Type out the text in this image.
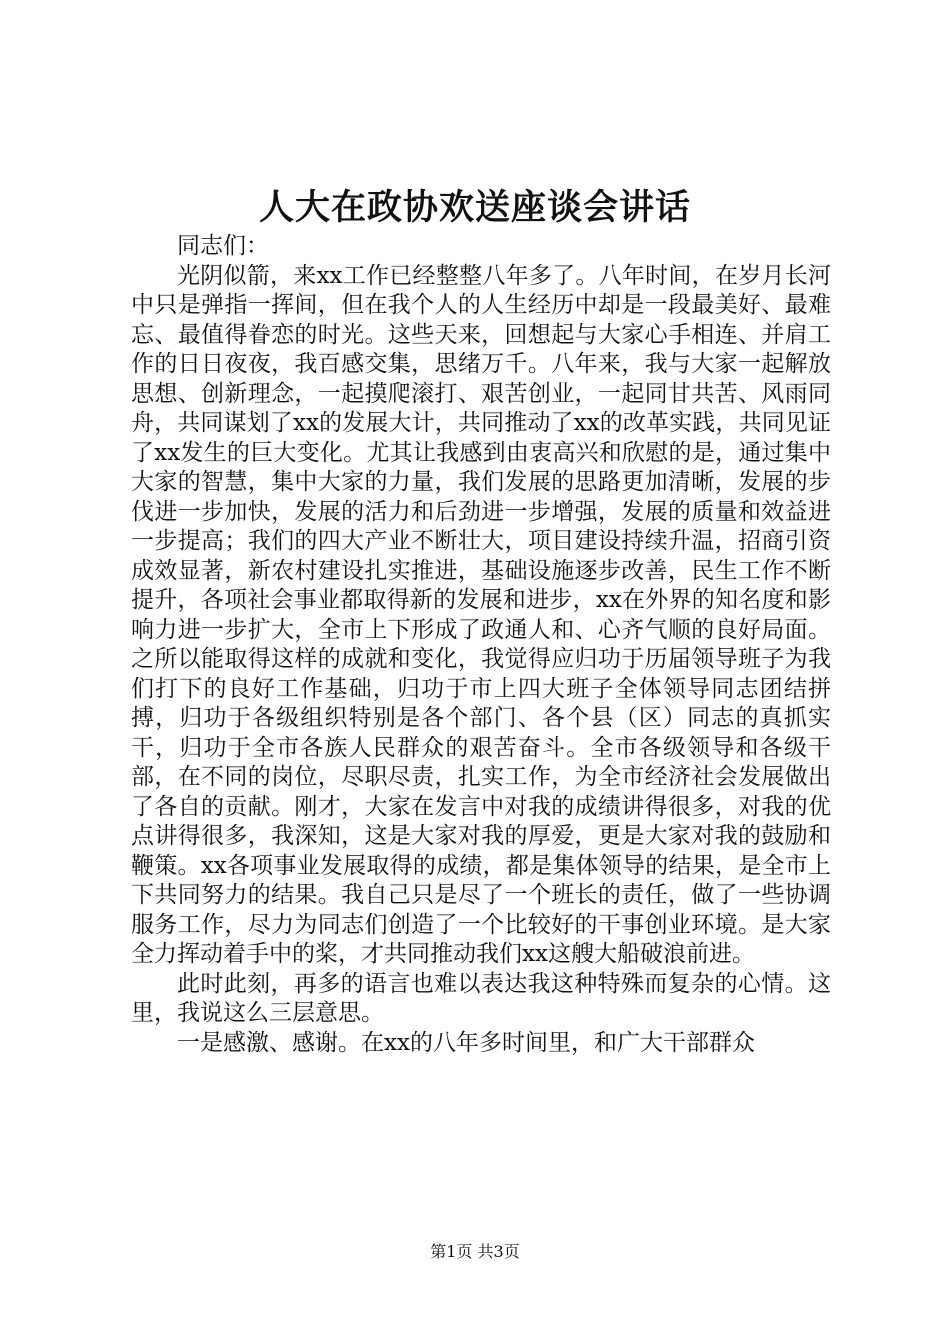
人大在政协欢送座谈会讲话

同志们：

光阴似箭，来xx工作已经整整八年多了。八年时间，在岁月长河中只是弹指一挥间，但在我个人的人生经历中却是一段最美好、最难忘、最值得眷恋的时光。这些天来，回想起与大家心手相连、并肩工作的日日夜夜，我百感交集，思绪万千。八年来，我与大家一起解放思想、创新理念，一起摸爬滚打、艰苦创业，一起同甘共苦、风雨同舟，共同谋划了xx的发展大计，共同推动了xx的改革实践，共同见证了xx发生的巨大变化。尤其让我感到由衷高兴和欣慰的是，通过集中大家的智慧，集中大家的力量，我们发展的思路更加清晰，发展的步伐进一步加快，发展的活力和后劲进一步增强，发展的质量和效益进一步提高；我们的四大产业不断壮大，项目建设持续升温，招商引资成效显著，新农村建设扎实推进，基础设施逐步改善，民生工作不断提升，各项社会事业都取得新的发展和进步，xx在外界的知名度和影响力进一步扩大，全市上下形成了政通人和、心齐气顺的良好局面。之所以能取得这样的成就和变化，我觉得应归功于历届领导班子为我们打下的良好工作基础，归功于市上四大班子全体领导同志团结拼搏，归功于各级组织特别是各个部门、各个县（区）同志的真抓实干，归功于全市各族人民群众的艰苦奋斗。全市各级领导和各级干部，在不同的岗位，尽职尽责，扎实工作，为全市经济社会发展做出了各自的贡献。刚才，大家在发言中对我的成绩讲得很多，对我的优点讲得很多，我深知，这是大家对我的厚爱，更是大家对我的鼓励和鞭策。xx各项事业发展取得的成绩，都是集体领导的结果，是全市上下共同努力的结果。我自己只是尽了一个班长的责任，做了一些协调服务工作，尽力为同志们创造了一个比较好的干事创业环境。是大家全力挥动着手中的桨，才共同推动我们xx这艘大船破浪前进。

此时此刻，再多的语言也难以表达我这种特殊而复杂的心情。这里，我说这么三层意思。

一是感激、感谢。在xx的八年多时间里，和广大干部群众

第1页 共3页
